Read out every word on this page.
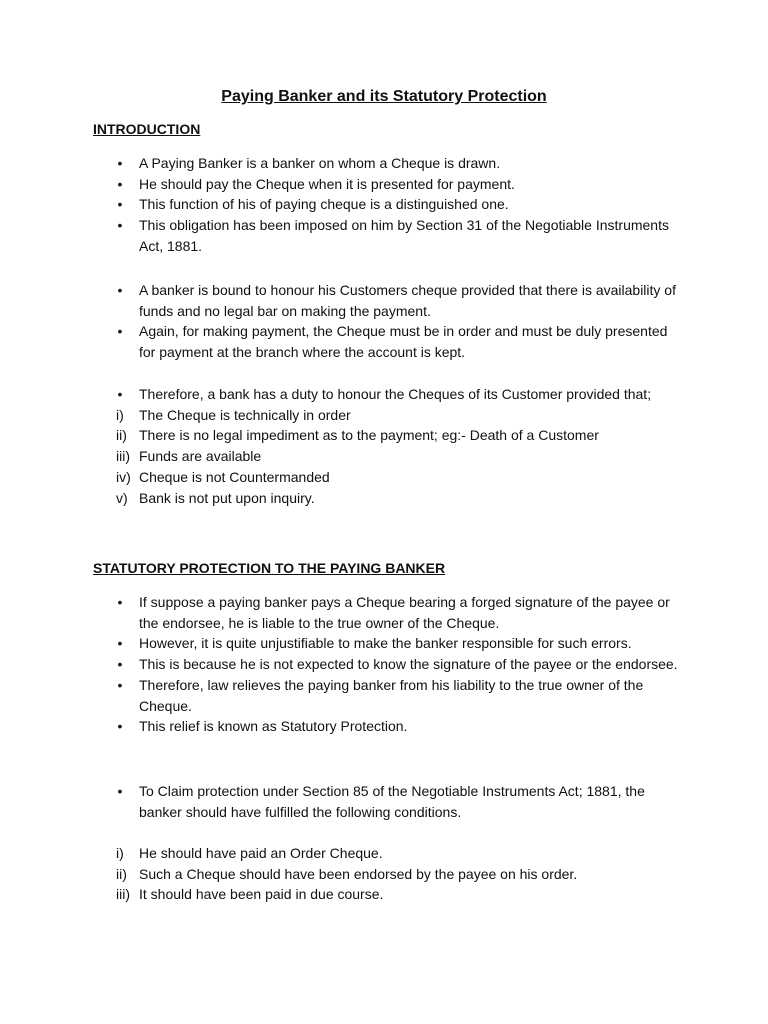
Paying Banker and its Statutory Protection
INTRODUCTION
• A Paying Banker is a banker on whom a Cheque is drawn.
• He should pay the Cheque when it is presented for payment.
• This function of his of paying cheque is a distinguished one.
• This obligation has been imposed on him by Section 31 of the Negotiable Instruments Act, 1881.
• A banker is bound to honour his Customers cheque provided that there is availability of funds and no legal bar on making the payment.
• Again, for making payment, the Cheque must be in order and must be duly presented for payment at the branch where the account is kept.
• Therefore, a bank has a duty to honour the Cheques of its Customer provided that;
i)	The Cheque is technically in order
ii) There is no legal impediment as to the payment; eg:- Death of a Customer
iii) Funds are available
iv) Cheque is not Countermanded
v) Bank is not put upon inquiry.
STATUTORY PROTECTION TO THE PAYING BANKER
• If suppose a paying banker pays a Cheque bearing a forged signature of the payee or the endorsee, he is liable to the true owner of the Cheque.
• However, it is quite unjustifiable to make the banker responsible for such errors.
• This is because he is not expected to know the signature of the payee or the endorsee.
• Therefore, law relieves the paying banker from his liability to the true owner of the Cheque.
• This relief is known as Statutory Protection.
• To Claim protection under Section 85 of the Negotiable Instruments Act; 1881, the banker should have fulfilled the following conditions.
i)	He should have paid an Order Cheque.
ii) Such a Cheque should have been endorsed by the payee on his order.
iii) It should have been paid in due course.
